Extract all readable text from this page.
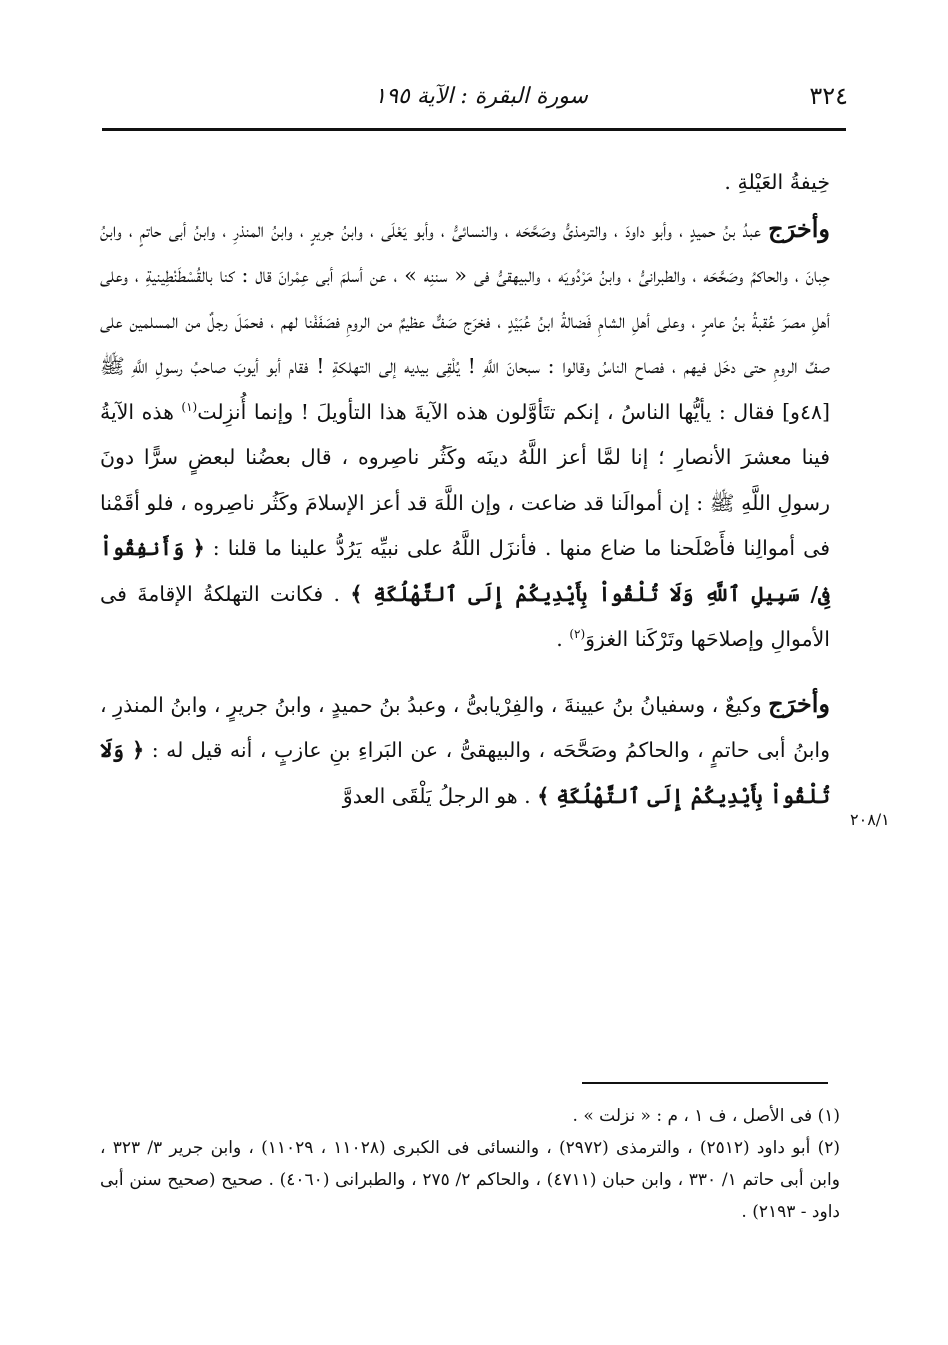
٣٢٤
سورة البقرة : الآية ١٩٥
٢٠٨/١

خِيفةُ العَيْلةِ .

وأخرَج عبدُ بنُ حميدٍ ، وأبو داودَ ، والترمذىُّ وصَحَّحَه ، والنسائىُّ ، وأبو يَعْلَى ، وابنُ جريرٍ ، وابنُ المنذرِ ، وابنُ أبى حاتمٍ ، وابنُ حِبانَ ، والحاكمُ وصَحَّحَه ، والطبرانىُّ ، وابنُ مَرْدُويَه ، والبيهقىُّ فى « سننِه » ، عن أسلمَ أبى عِمْرانَ قال : كنا بالقُسْطَنْطِينيةِ ، وعلى أهلِ مصرَ عُقبةُ بنُ عامرٍ ، وعلى أهلِ الشامِ فَضالةُ ابنُ عُبَيْدٍ ، فخرَج صَفٌّ عظيمٌ من الرومِ فصَفَفْنا لهم ، فحمَلَ رجلٌ من المسلمين على صفِّ الرومِ حتى دخَل فيهم ، فصاح الناسُ وقالوا : سبحانَ اللَّهِ ! يُلْقِى بيديه إلى التهلكةِ ! فقام أبو أيوبَ صاحبُ رسولِ اللَّهِ ﷺ [٤٨و] فقال : يأيُّها الناسُ ، إنكم تتَأوَّلون هذه الآيةَ هذا التأويلَ ! وإنما أُنزِلت$^{(١)}$ هذه الآيةُ فينا معشرَ الأنصارِ ؛ إنا لمَّا أعز اللَّهُ دينَه وكَثُر ناصِروه ، قال بعضُنا لبعضٍ سرًّا دونَ رسولِ اللَّهِ ﷺ : إن أموالَنا قد ضاعت ، وإن اللَّهَ قد أعز الإسلامَ وكَثُر ناصِروه ، فلو أقَمْنا فى أموالِنا فأَصْلَحنا ما ضاع منها . فأنزَل اللَّهُ على نبيِّه يَرُدُّ علينا ما قلنا : ﴿ وَأَنفِقُواْ فِى/ سَبِيلِ ٱللَّهِ وَلَا تُلْقُواْ بِأَيْدِيكُمْ إِلَى ٱلتَّهْلُكَةِ ﴾ . فكانت التهلكةُ الإقامةَ فى الأموالِ وإصلاحَها وتَرْكَنا الغزوَ$^{(٢)}$ .

وأخرَج وكيعٌ ، وسفيانُ بنُ عيينةَ ، والفِرْيابىُّ ، وعبدُ بنُ حميدٍ ، وابنُ جريرٍ ، وابنُ المنذرِ ، وابنُ أبى حاتمٍ ، والحاكمُ وصَحَّحَه ، والبيهقىُّ ، عن البَراءِ بنِ عازبٍ ، أنه قيل له : ﴿ وَلَا تُلْقُواْ بِأَيْدِيكُمْ إِلَى ٱلتَّهْلُكَةِ ﴾ . هو الرجلُ يَلْقَى العدوَّ

(١) فى الأصل ، ف ١ ، م : « نزلت » .

(٢) أبو داود (٢٥١٢) ، والترمذى (٢٩٧٢) ، والنسائى فى الكبرى (١١٠٢٨ ، ١١٠٢٩) ، وابن جرير ٣/ ٣٢٣ ، وابن أبى حاتم ١/ ٣٣٠ ، وابن حبان (٤٧١١) ، والحاكم ٢/ ٢٧٥ ، والطبرانى (٤٠٦٠) . صحيح (صحيح سنن أبى داود - ٢١٩٣) .
